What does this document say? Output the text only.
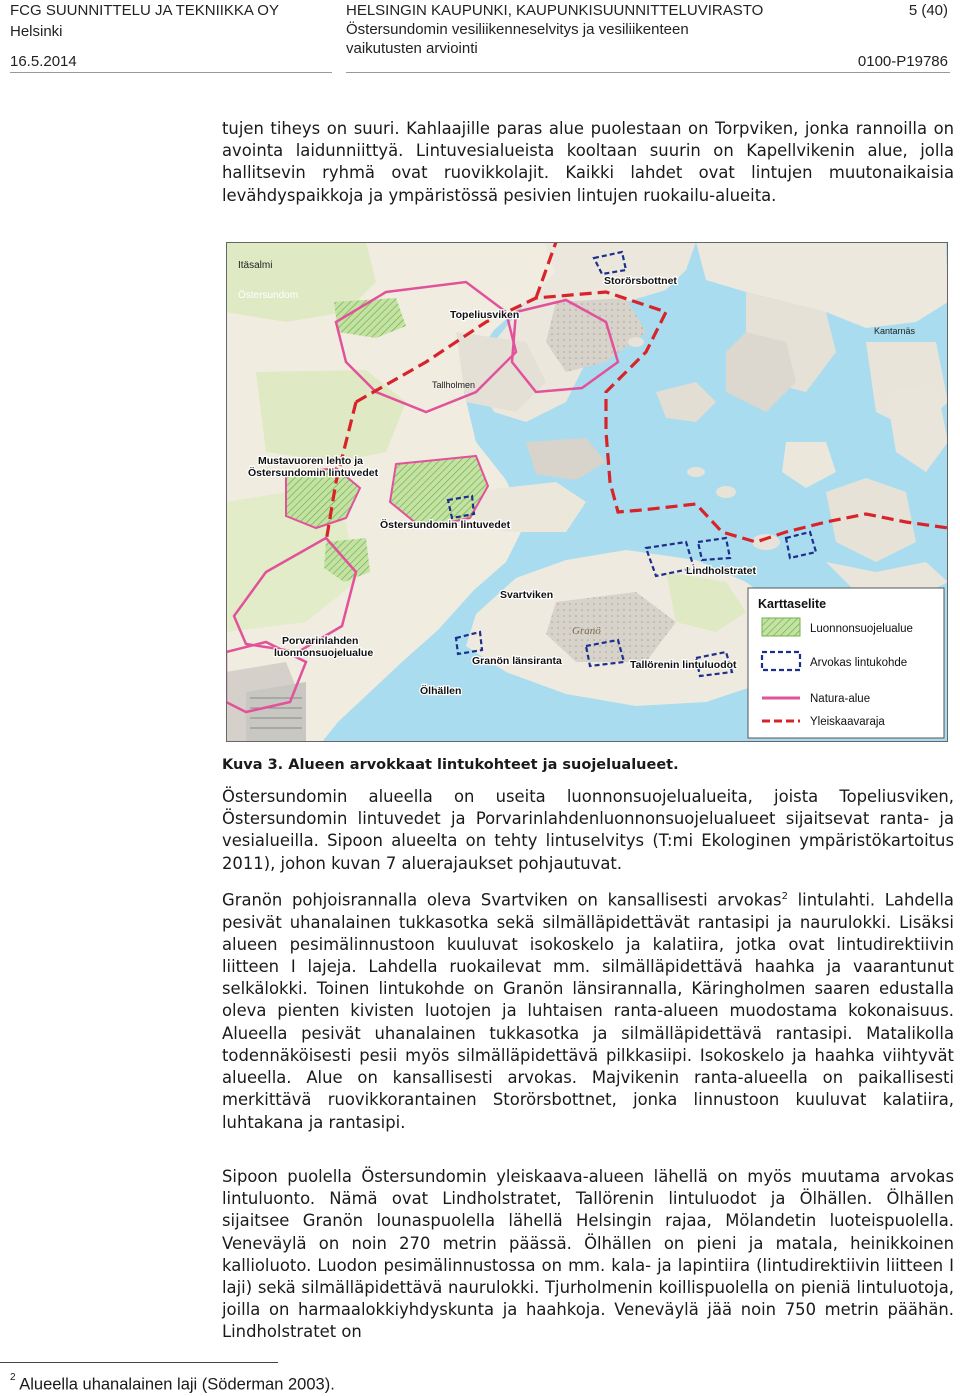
FCG SUUNNITTELU JA TEKNIIKKA OY
Helsinki
16.5.2014
HELSINGIN KAUPUNKI, KAUPUNKISUUNNITTELUVIRASTO
Östersundomin vesiliikenneselvitys ja vesiliikenteen
vaikutusten arviointi
5 (40)
0100-P19786

tujen tiheys on suuri. Kahlaajille paras alue puolestaan on Torpviken, jonka rannoilla on avointa laidunniittyä. Lintuvesialueista kooltaan suurin on Kapellvikenin alue, jolla hallitsevin ryhmä ovat ruovikkolajit. Kaikki lahdet ovat lintujen muutonaikaisia levähdyspaikkoja ja ympäristössä pesivien lintujen ruokailu-alueita.

Itäsalmi
Östersundom
Tallholmen
Kantarnäs
Storörsbottnet
Topeliusviken
Mustavuoren lehto ja
Östersundomin lintuvedet
Östersundomin lintuvedet
Lindholstratet
Svartviken
Porvarinlahden
luonnonsuojelualue
Granön länsiranta	Tallörenin lintuluodot
Ölhällen
Granö
Karttaselite
Luonnonsuojelualue
Arvokas lintukohde
Natura-alue
Yleiskaavaraja
Kuva 3. Alueen arvokkaat lintukohteet ja suojelualueet.

Östersundomin alueella on useita luonnonsuojelualueita, joista Topeliusviken, Östersundomin lintuvedet ja Porvarinlahdenluonnonsuojelualueet sijaitsevat ranta- ja vesialueilla. Sipoon alueelta on tehty lintuselvitys (T:mi Ekologinen ympäristökartoitus 2011), johon kuvan 7 aluerajaukset pohjautuvat.

Granön pohjoisrannalla oleva Svartviken on kansallisesti arvokas$^2$ lintulahti. Lahdella pesivät uhanalainen tukkasotka sekä silmälläpidettävät rantasipi ja naurulokki. Lisäksi alueen pesimälinnustoon kuuluvat isokoskelo ja kalatiira, jotka ovat lintudirektiivin liitteen I lajeja. Lahdella ruokailevat mm. silmälläpidettävä haahka ja vaarantunut selkälokki. Toinen lintukohde on Granön länsirannalla, Käringholmen saaren edustalla oleva pienten kivisten luotojen ja luhtaisen ranta-alueen muodostama kokonaisuus. Alueella pesivät uhanalainen tukkasotka ja silmälläpidettävä rantasipi. Matalikolla todennäköisesti pesii myös silmälläpidettävä pilkkasiipi. Isokoskelo ja haahka viihtyvät alueella. Alue on kansallisesti arvokas. Majvikenin ranta-alueella on paikallisesti merkittävä ruovikkorantainen Storörsbottnet, jonka linnustoon kuuluvat kalatiira, luhtakana ja rantasipi.

Sipoon puolella Östersundomin yleiskaava-alueen lähellä on myös muutama arvokas lintuluonto. Nämä ovat Lindholstratet, Tallörenin lintuluodot ja Ölhällen. Ölhällen sijaitsee Granön lounaspuolella lähellä Helsingin rajaa, Mölandetin luoteispuolella. Veneväylä on noin 270 metrin päässä. Ölhällen on pieni ja matala, heinikkoinen kallioluoto. Luodon pesimälinnustossa on mm. kala- ja lapintiira (lintudirektiivin liitteen I laji) sekä silmälläpidettävä naurulokki. Tjurholmenin koillispuolella on pieniä lintuluotoja, joilla on harmaalokkiyhdyskunta ja haahkoja. Veneväylä jää noin 750 metrin päähän. Lindholstratet on

$^2$ Alueella uhanalainen laji (Söderman 2003).
